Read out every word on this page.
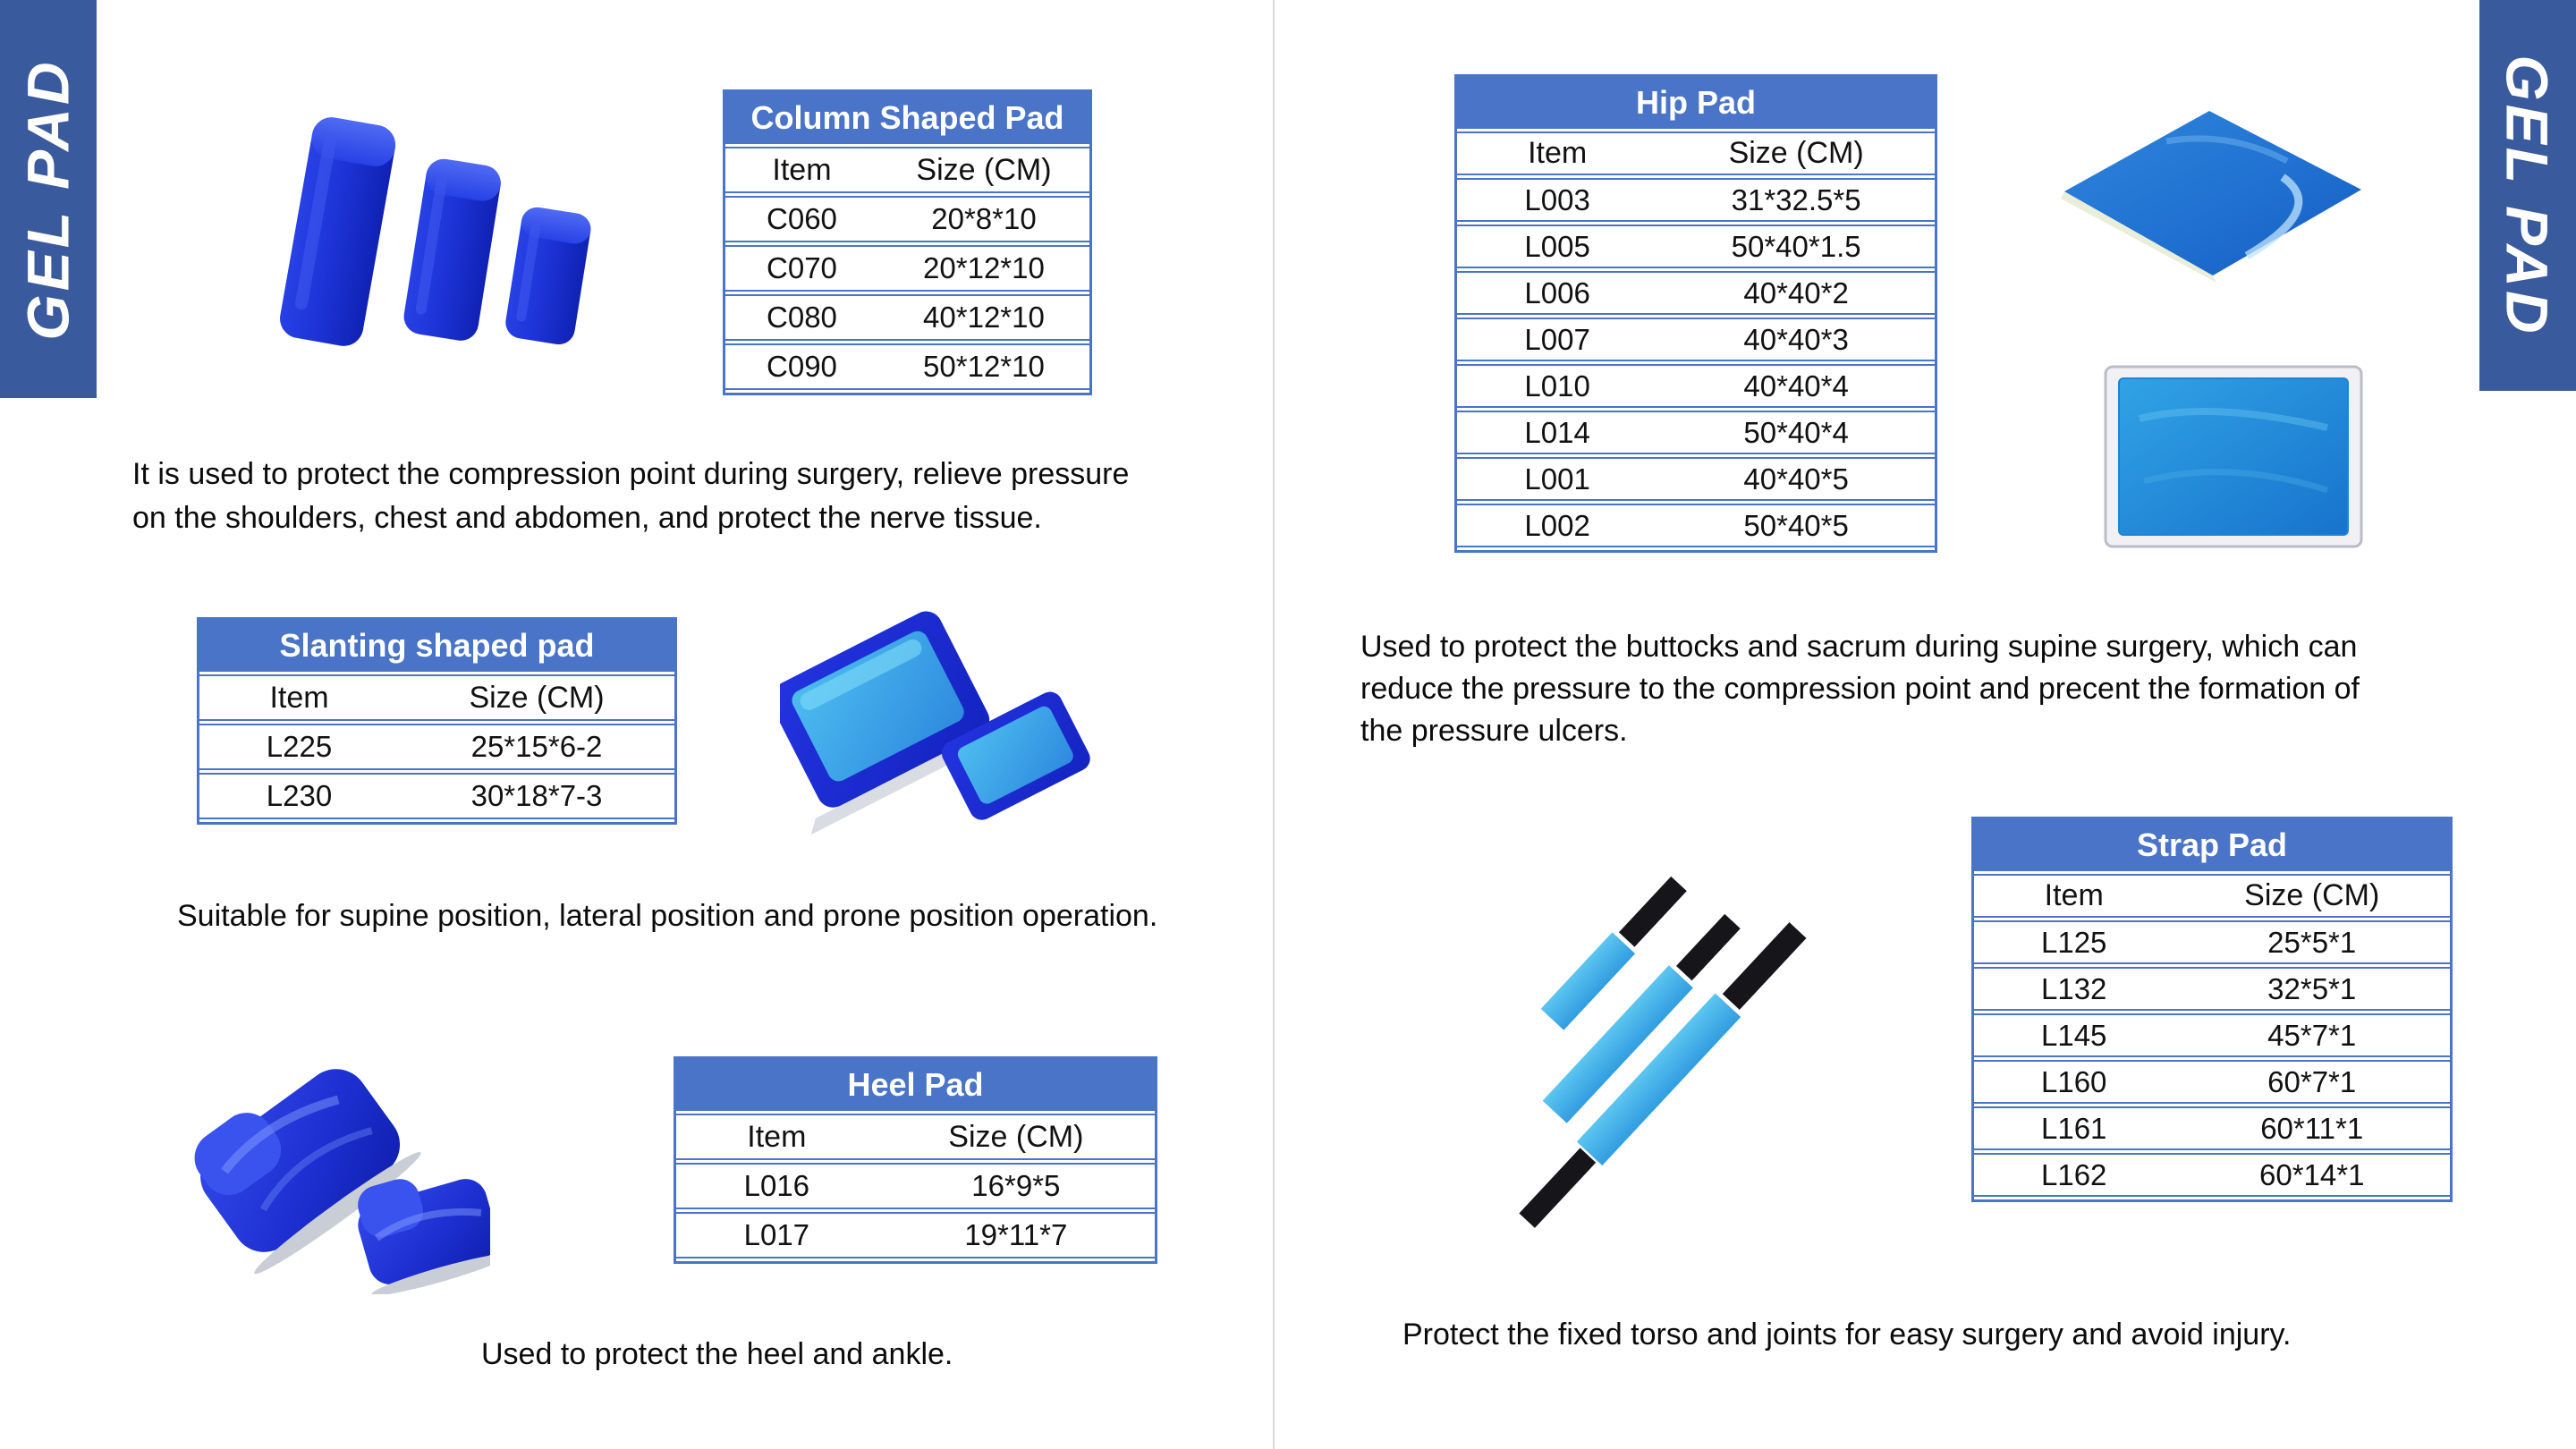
GEL PAD	GEL PAD
Column Shaped Pad
Item	Size (CM)
C060	20*8*10
C070	20*12*10
C080	40*12*10
C090	50*12*10
It is used to protect the compression point during surgery, relieve pressure
on the shoulders, chest and abdomen, and protect the nerve tissue.
Slanting shaped pad
Item	Size (CM)
L225	25*15*6-2
L230	30*18*7-3
Suitable for supine position, lateral position and prone position operation.
Heel Pad
Item	Size (CM)
L016	16*9*5
L017	19*11*7
Used to protect the heel and ankle.
Hip Pad
Item	Size (CM)
L003	31*32.5*5
L005	50*40*1.5
L006	40*40*2
L007	40*40*3
L010	40*40*4
L014	50*40*4
L001	40*40*5
L002	50*40*5
Used to protect the buttocks and sacrum during supine surgery, which can
reduce the pressure to the compression point and precent the formation of
the pressure ulcers.
Strap Pad
Item	Size (CM)
L125	25*5*1
L132	32*5*1
L145	45*7*1
L160	60*7*1
L161	60*11*1
L162	60*14*1
Protect the fixed torso and joints for easy surgery and avoid injury.
